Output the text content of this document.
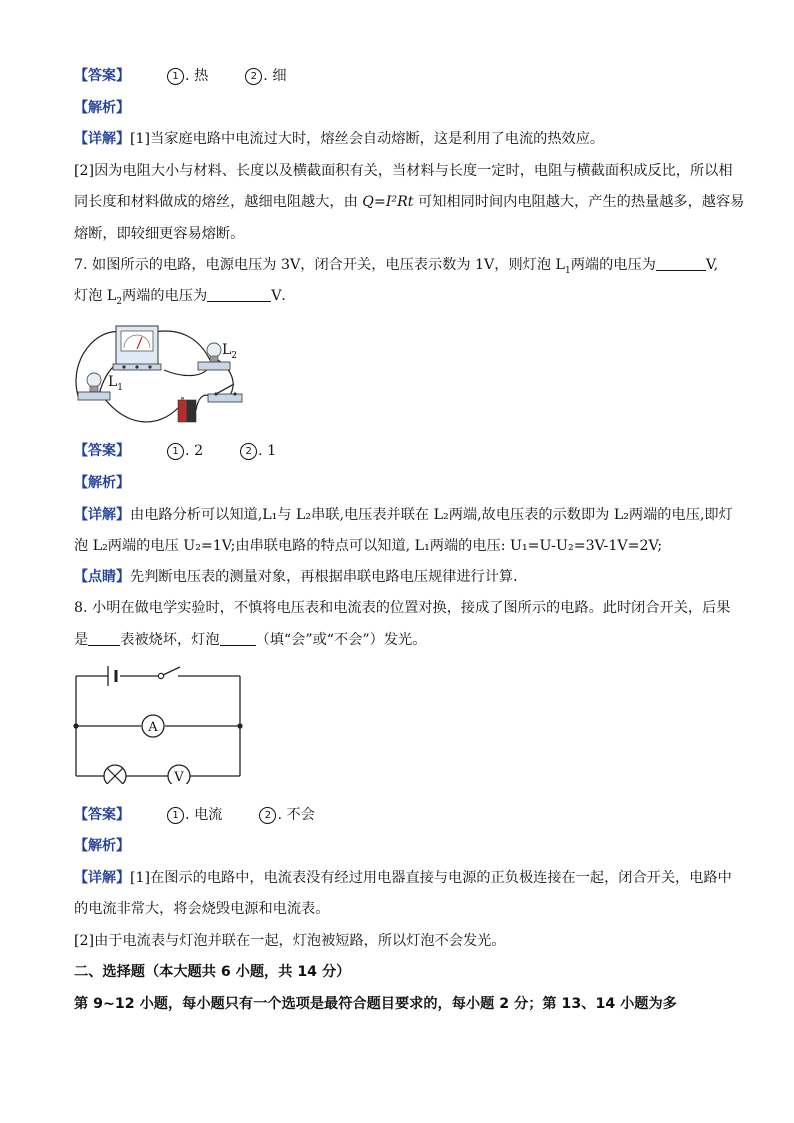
【答案】	1 . 热	2 . 细
【解析】
【详解】[1]当家庭电路中电流过大时，熔丝会自动熔断，这是利用了电流的热效应。
[2]因为电阻大小与材料、长度以及横截面积有关，当材料与长度一定时，电阻与横截面积成反比，所以相
同长度和材料做成的熔丝，越细电阻越大，由 Q=I²Rt 可知相同时间内电阻越大，产生的热量越多，越容易
熔断，即较细更容易熔断。
7. 如图所示的电路，电源电压为 3V，闭合开关，电压表示数为 1V，则灯泡 $L_1$两端的电压为	V,
灯泡 $L_2$两端的电压为	V．
$L_1$
$L_2$
【答案】	1 . 2	2 . 1
【解析】
【详解】由电路分析可以知道,L₁与 L₂串联,电压表并联在 L₂两端,故电压表的示数即为 L₂两端的电压,即灯
泡 L₂两端的电压 U₂=1V;由串联电路的特点可以知道, L₁两端的电压: U₁=U-U₂=3V-1V=2V;
【点睛】先判断电压表的测量对象，再根据串联电路电压规律进行计算．
8. 小明在做电学实验时，不慎将电压表和电流表的位置对换，接成了图所示的电路。此时闭合开关，后果
是 表被烧坏，灯泡	（填“会”或“不会”）发光。
A
V
【答案】	1 . 电流	2 . 不会
【解析】
【详解】[1]在图示的电路中，电流表没有经过用电器直接与电源的正负极连接在一起，闭合开关，电路中
的电流非常大，将会烧毁电源和电流表。
[2]由于电流表与灯泡并联在一起，灯泡被短路，所以灯泡不会发光。
二、选择题（本大题共 6 小题，共 14 分）
第 9~12 小题，每小题只有一个选项是最符合题目要求的，每小题 2 分；第 13、14 小题为多
